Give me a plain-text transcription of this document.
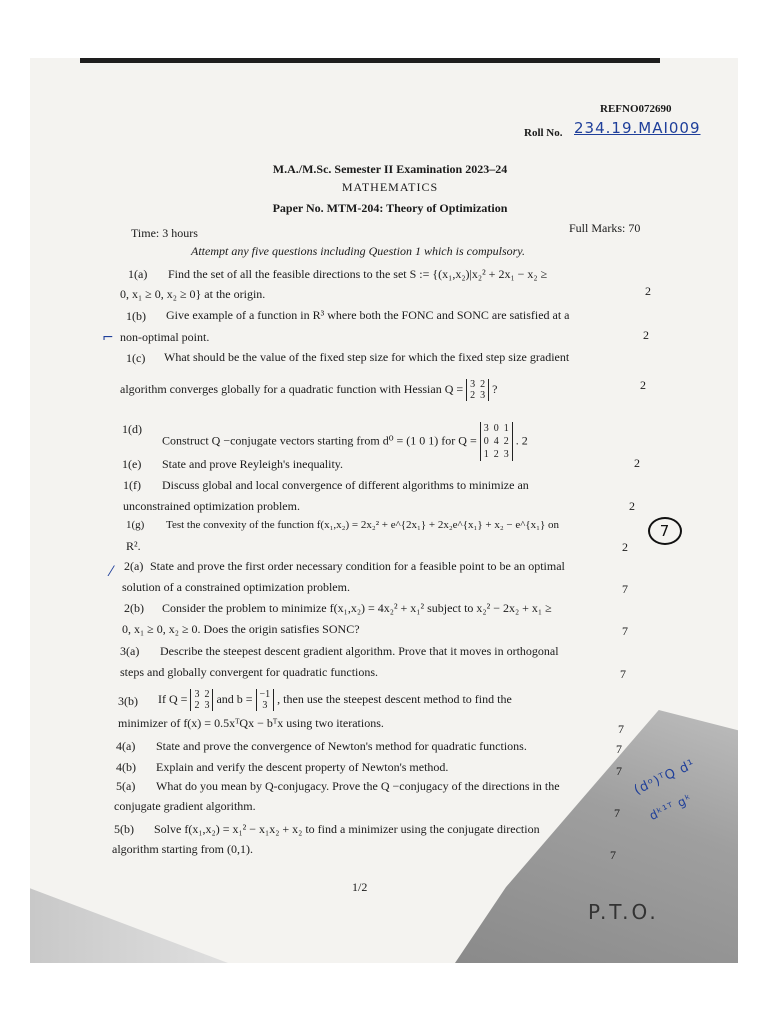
REFNO072690
Roll No. 234.19.MAI009
M.A./M.Sc. Semester II Examination 2023–24
MATHEMATICS
Paper No. MTM-204: Theory of Optimization
Time: 3 hours	Full Marks: 70
Attempt any five questions including Question 1 which is compulsory.
1(a) Find the set of all the feasible directions to the set S := {(x₁,x₂)|x₂² + 2x₁ − x₂ ≥
0, x₁ ≥ 0, x₂ ≥ 0} at the origin.	2
1(b) Give example of a function in R³ where both the FONC and SONC are satisfied at a
non-optimal point.	2
1(c) What should be the value of the fixed step size for which the fixed step size gradient
algorithm converges globally for a quadratic function with Hessian Q = 3 2
2 3 ?	2
1(d)
Construct Q −conjugate vectors starting from d⁰ = (1 0 1) for Q =
3 0 1
0 4 2
1 2 3
. 2
1(e) State and prove Reyleigh's inequality.	2
1(f) Discuss global and local convergence of different algorithms to minimize an
unconstrained optimization problem.	2
1(g) Test the convexity of the function f(x₁,x₂) = 2x₂² + e^{2x₁} + 2x₂e^{x₁} + x₂ − e^{x₁} on
R².	2
7
2(a) State and prove the first order necessary condition for a feasible point to be an optimal
solution of a constrained optimization problem.	7
2(b) Consider the problem to minimize f(x₁,x₂) = 4x₂² + x₁² subject to x₂² − 2x₂ + x₁ ≥
0, x₁ ≥ 0, x₂ ≥ 0. Does the origin satisfies SONC?	7
3(a) Describe the steepest descent gradient algorithm. Prove that it moves in orthogonal
steps and globally convergent for quadratic functions.	7
3(b) If Q = 3 2
2 3 and b = −1
3 , then use the steepest descent method to find the
minimizer of f(x) = 0.5xᵀQx − bᵀx using two iterations.	7
4(a) State and prove the convergence of Newton's method for quadratic functions.	7
4(b) Explain and verify the descent property of Newton's method.	7
5(a) What do you mean by Q-conjugacy. Prove the Q −conjugacy of the directions in the
conjugate gradient algorithm.	7
5(b) Solve f(x₁,x₂) = x₁² − x₁x₂ + x₂ to find a minimizer using the conjugate direction
algorithm starting from (0,1).	7
(dᵒ)ᵀQ d¹
dᵏ¹ᵀ gᵏ
⌐
⁄
1/2
P.T.O.
